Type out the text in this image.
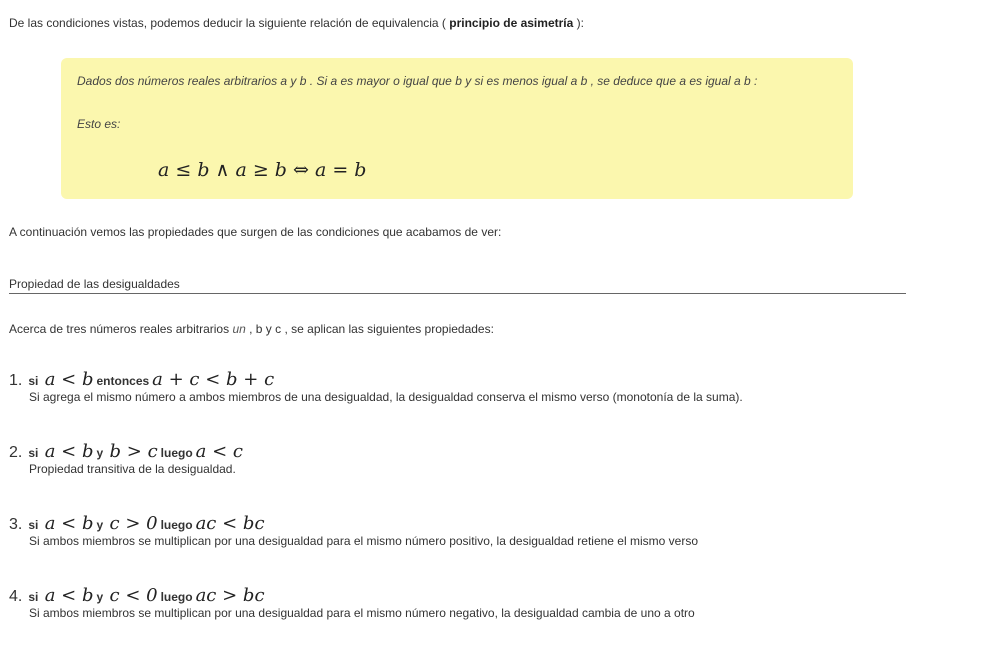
De las condiciones vistas, podemos deducir la siguiente relación de equivalencia ( principio de asimetría ):
Dados dos números reales arbitrarios a y b . Si a es mayor o igual que b y si es menos igual a b , se deduce que a es igual a b :
Esto es:
a ≤ b ∧ a ≥ b ⇔ a = b
A continuación vemos las propiedades que surgen de las condiciones que acabamos de ver:
Propiedad de las desigualdades
Acerca de tres números reales arbitrarios un , b y c , se aplican las siguientes propiedades:
1. si a < b entonces a + c < b + c
Si agrega el mismo número a ambos miembros de una desigualdad, la desigualdad conserva el mismo verso (monotonía de la suma).
2. si a < b y b > c luego a < c
Propiedad transitiva de la desigualdad.
3. si a < b y c > 0 luego ac < bc
Si ambos miembros se multiplican por una desigualdad para el mismo número positivo, la desigualdad retiene el mismo verso
4. si a < b y c < 0 luego ac > bc
Si ambos miembros se multiplican por una desigualdad para el mismo número negativo, la desigualdad cambia de uno a otro
